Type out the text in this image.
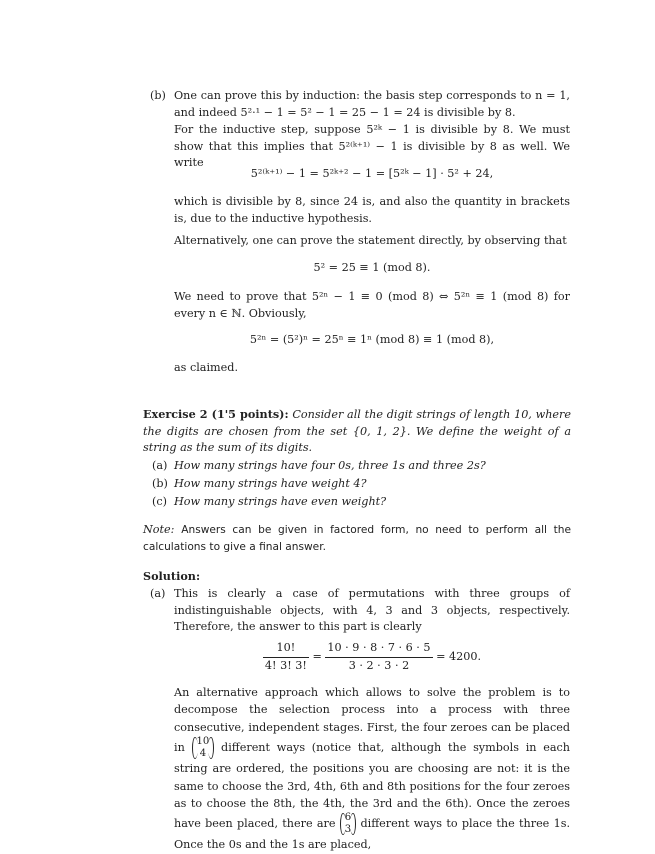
(b) One can prove this by induction: the basis step corresponds to n = 1, and indeed 5²·¹ − 1 = 5² − 1 = 25 − 1 = 24 is divisible by 8.

For the inductive step, suppose 5²ᵏ − 1 is divisible by 8. We must show that this implies that 5²⁽ᵏ⁺¹⁾ − 1 is divisible by 8 as well. We write

5²⁽ᵏ⁺¹⁾ − 1 = 5²ᵏ⁺² − 1 = [5²ᵏ − 1] · 5² + 24,

which is divisible by 8, since 24 is, and also the quantity in brackets is, due to the inductive hypothesis.

Alternatively, one can prove the statement directly, by observing that

5² = 25 ≡ 1 (mod 8).

We need to prove that 5²ⁿ − 1 ≡ 0 (mod 8) ⇔ 5²ⁿ ≡ 1 (mod 8) for every n ∈ ℕ. Obviously,

5²ⁿ = (5²)ⁿ = 25ⁿ ≡ 1ⁿ (mod 8) ≡ 1 (mod 8),

as claimed.

Exercise 2 (1'5 points): Consider all the digit strings of length 10, where the digits are chosen from the set {0, 1, 2}. We define the weight of a string as the sum of its digits.

(a) How many strings have four 0s, three 1s and three 2s?
(b) How many strings have weight 4?
(c) How many strings have even weight?

Note: Answers can be given in factored form, no need to perform all the calculations to give a final answer.

Solution:
(a) This is clearly a case of permutations with three groups of indistinguishable objects, with 4, 3 and 3 objects, respectively. Therefore, the answer to this part is clearly

$\frac{10!}{4! 3! 3!} = \frac{10 \cdot 9 \cdot 8 \cdot 7 \cdot 6 \cdot 5}{3 \cdot 2 \cdot 3 \cdot 2} = 4200$.

An alternative approach which allows to solve the problem is to decompose the selection process into a process with three consecutive, independent stages. First, the four zeroes can be placed in 10
4 different ways (notice that, although the symbols in each string are ordered, the positions you are choosing are not: it is the same to choose the 3rd, 4th, 6th and 8th positions for the four zeroes as to choose the 8th, the 4th, the 3rd and the 6th). Once the zeroes have been placed, there are 6
3 different ways to place the three 1s. Once the 0s and the 1s are placed,
